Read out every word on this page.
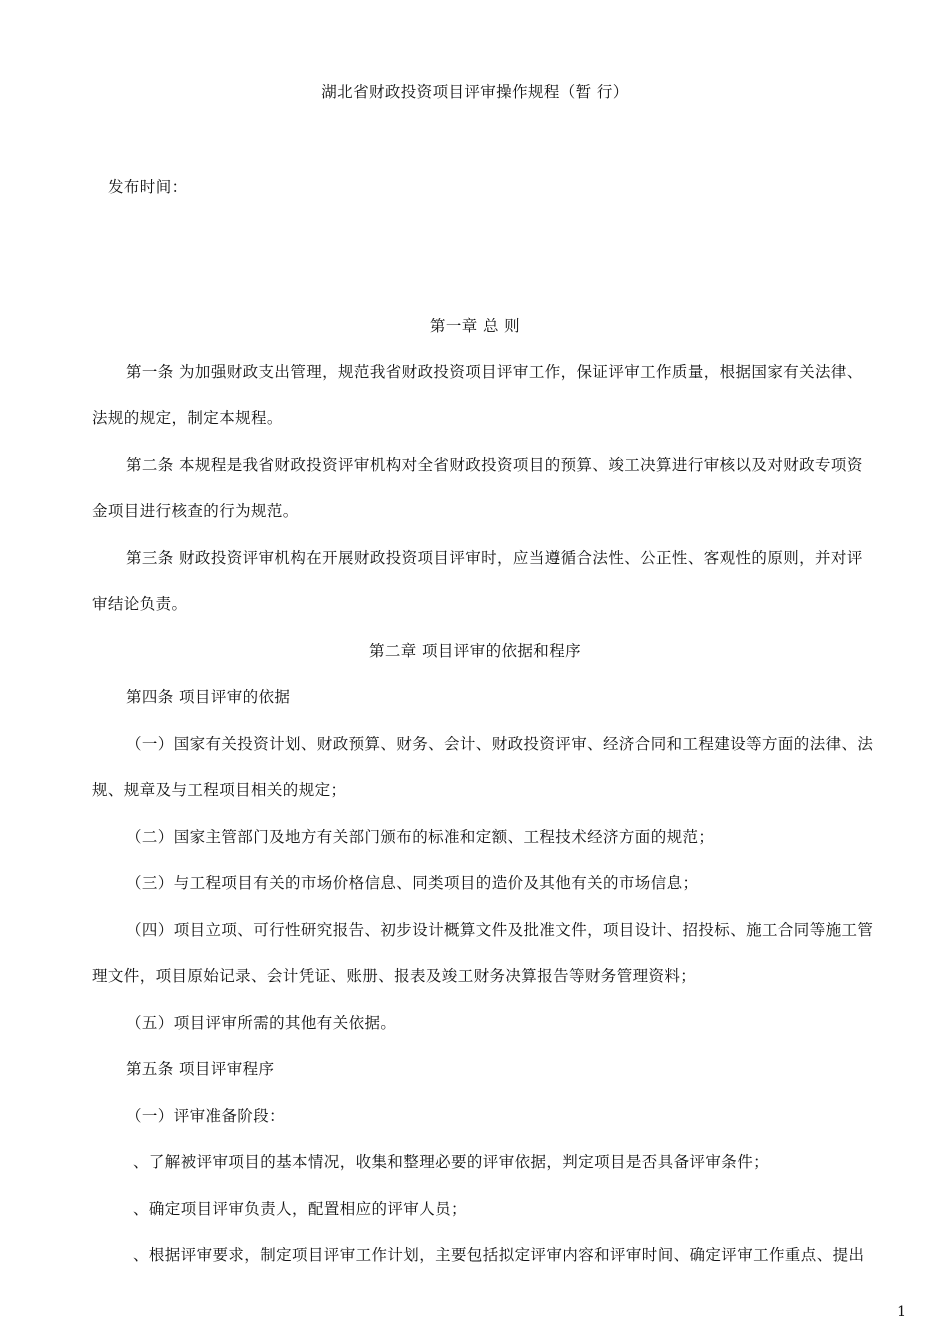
湖北省财政投资项目评审操作规程（暂 行）
发布时间：
第一章 总 则
第一条 为加强财政支出管理，规范我省财政投资项目评审工作，保证评审工作质量，根据国家有关法律、
法规的规定，制定本规程。
第二条 本规程是我省财政投资评审机构对全省财政投资项目的预算、竣工决算进行审核以及对财政专项资
金项目进行核查的行为规范。
第三条 财政投资评审机构在开展财政投资项目评审时，应当遵循合法性、公正性、客观性的原则，并对评
审结论负责。
第二章 项目评审的依据和程序
第四条 项目评审的依据
（一）国家有关投资计划、财政预算、财务、会计、财政投资评审、经济合同和工程建设等方面的法律、法
规、规章及与工程项目相关的规定；
（二）国家主管部门及地方有关部门颁布的标准和定额、工程技术经济方面的规范；
（三）与工程项目有关的市场价格信息、同类项目的造价及其他有关的市场信息；
（四）项目立项、可行性研究报告、初步设计概算文件及批准文件，项目设计、招投标、施工合同等施工管
理文件，项目原始记录、会计凭证、账册、报表及竣工财务决算报告等财务管理资料；
（五）项目评审所需的其他有关依据。
第五条 项目评审程序
（一）评审准备阶段：
、了解被评审项目的基本情况，收集和整理必要的评审依据，判定项目是否具备评审条件；
、确定项目评审负责人，配置相应的评审人员；
、根据评审要求，制定项目评审工作计划，主要包括拟定评审内容和评审时间、确定评审工作重点、提出
1
